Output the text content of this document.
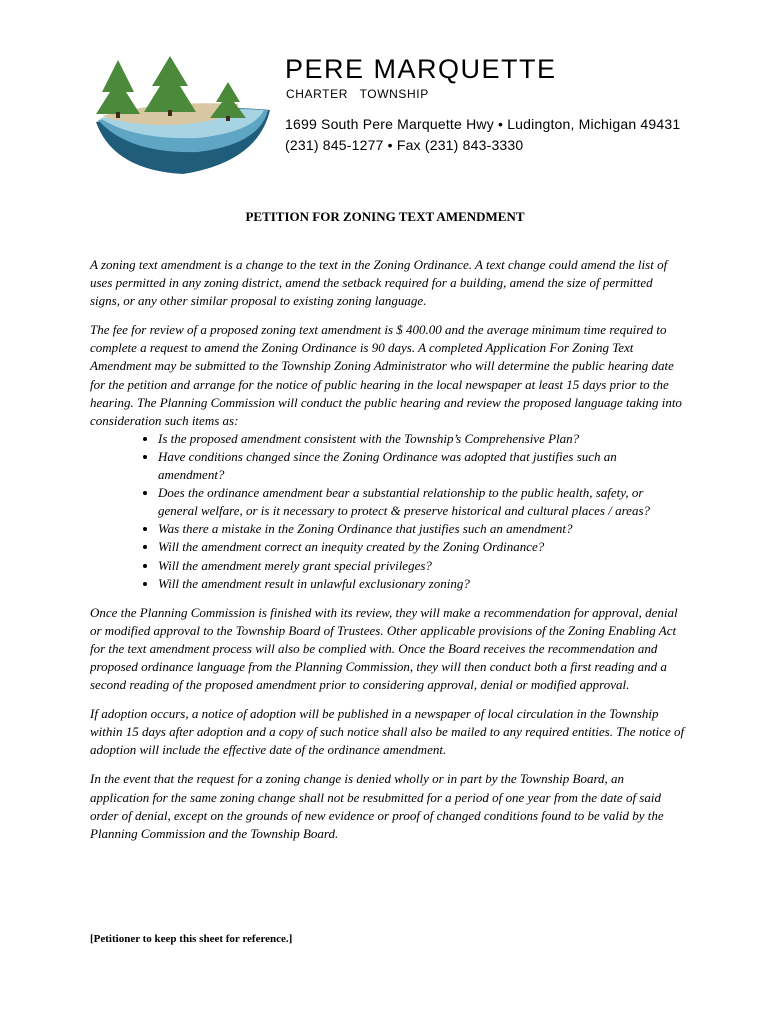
PERE MARQUETTE
CHARTER   TOWNSHIP
1699 South Pere Marquette Hwy • Ludington, Michigan 49431
(231) 845-1277 • Fax (231) 843-3330
PETITION FOR ZONING TEXT AMENDMENT

A zoning text amendment is a change to the text in the Zoning Ordinance. A text change could amend the list of uses permitted in any zoning district, amend the setback required for a building, amend the size of permitted signs, or any other similar proposal to existing zoning language.

The fee for review of a proposed zoning text amendment is $ 400.00 and the average minimum time required to complete a request to amend the Zoning Ordinance is 90 days. A completed Application For Zoning Text Amendment may be submitted to the Township Zoning Administrator who will determine the public hearing date for the petition and arrange for the notice of public hearing in the local newspaper at least 15 days prior to the hearing. The Planning Commission will conduct the public hearing and review the proposed language taking into consideration such items as:

• Is the proposed amendment consistent with the Township’s Comprehensive Plan?
• Have conditions changed since the Zoning Ordinance was adopted that justifies such an amendment?
• Does the ordinance amendment bear a substantial relationship to the public health, safety, or general welfare, or is it necessary to protect & preserve historical and cultural places / areas?
• Was there a mistake in the Zoning Ordinance that justifies such an amendment?
• Will the amendment correct an inequity created by the Zoning Ordinance?
• Will the amendment merely grant special privileges?
• Will the amendment result in unlawful exclusionary zoning?

Once the Planning Commission is finished with its review, they will make a recommendation for approval, denial or modified approval to the Township Board of Trustees. Other applicable provisions of the Zoning Enabling Act for the text amendment process will also be complied with. Once the Board receives the recommendation and proposed ordinance language from the Planning Commission, they will then conduct both a first reading and a second reading of the proposed amendment prior to considering approval, denial or modified approval.

If adoption occurs, a notice of adoption will be published in a newspaper of local circulation in the Township within 15 days after adoption and a copy of such notice shall also be mailed to any required entities. The notice of adoption will include the effective date of the ordinance amendment.

In the event that the request for a zoning change is denied wholly or in part by the Township Board, an application for the same zoning change shall not be resubmitted for a period of one year from the date of said order of denial, except on the grounds of new evidence or proof of changed conditions found to be valid by the Planning Commission and the Township Board.

[Petitioner to keep this sheet for reference.]
